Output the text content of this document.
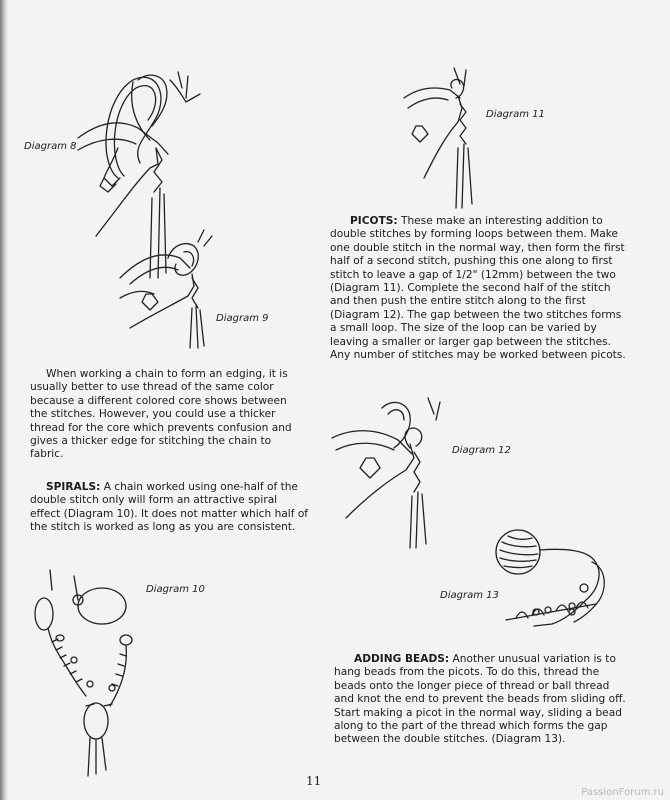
Diagram 8
Diagram 9

When working a chain to form an edging, it is usually better to use thread of the same color because a different colored core shows between the stitches. However, you could use a thicker thread for the core which prevents confusion and gives a thicker edge for stitching the chain to fabric.

SPIRALS: A chain worked using one-half of the double stitch only will form an attractive spiral effect (Diagram 10). It does not matter which half of the stitch is worked as long as you are consistent.

Diagram 10
Diagram 11

PICOTS: These make an interesting addition to double stitches by forming loops between them. Make one double stitch in the normal way, then form the first half of a second stitch, pushing this one along to first stitch to leave a gap of 1/2" (12mm) between the two (Diagram 11). Complete the second half of the stitch and then push the entire stitch along to the first (Diagram 12). The gap between the two stitches forms a small loop. The size of the loop can be varied by leaving a smaller or larger gap between the stitches. Any number of stitches may be worked between picots.

Diagram 12
Diagram 13

ADDING BEADS: Another unusual variation is to hang beads from the picots. To do this, thread the beads onto the longer piece of thread or ball thread and knot the end to prevent the beads from sliding off. Start making a picot in the normal way, sliding a bead along to the part of the thread which forms the gap between the double stitches. (Diagram 13).

11
PassionForum.ru
